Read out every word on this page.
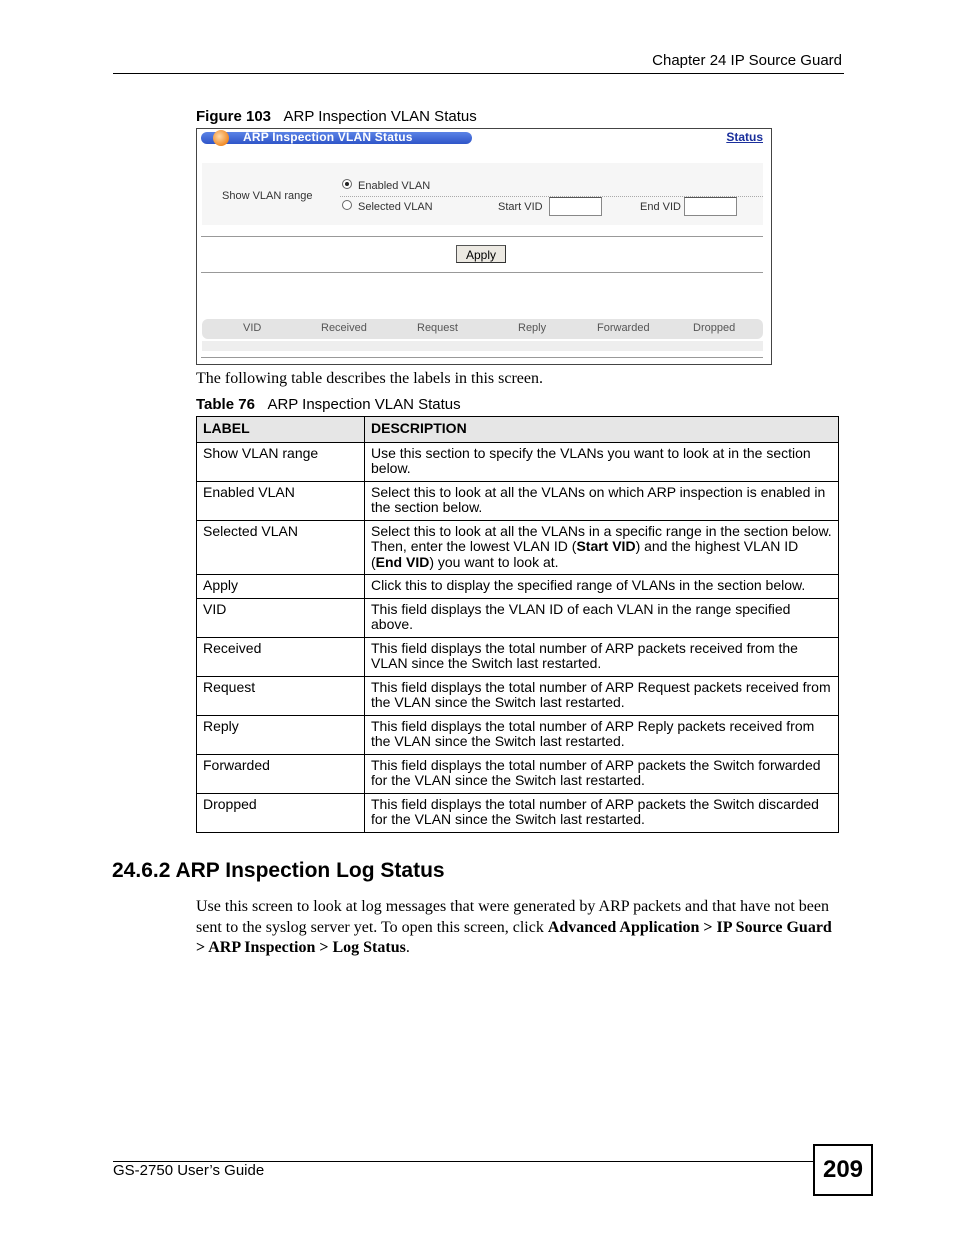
Chapter 24 IP Source Guard
Figure 103 ARP Inspection VLAN Status
ARP Inspection VLAN Status	Status
Show VLAN range
Enabled VLAN
Selected VLAN	Start VID	End VID
Apply
VID	Received	Request	Reply	Forwarded	Dropped
The following table describes the labels in this screen.
Table 76 ARP Inspection VLAN Status
LABEL	DESCRIPTION
Show VLAN range	Use this section to specify the VLANs you want to look at in the section below.
Enabled VLAN	Select this to look at all the VLANs on which ARP inspection is enabled in the section below.
Selected VLAN	Select this to look at all the VLANs in a specific range in the section below. Then, enter the lowest VLAN ID (Start VID) and the highest VLAN ID (End VID) you want to look at.
Apply	Click this to display the specified range of VLANs in the section below.
VID	This field displays the VLAN ID of each VLAN in the range specified above.
Received	This field displays the total number of ARP packets received from the VLAN since the Switch last restarted.
Request	This field displays the total number of ARP Request packets received from the VLAN since the Switch last restarted.
Reply	This field displays the total number of ARP Reply packets received from the VLAN since the Switch last restarted.
Forwarded	This field displays the total number of ARP packets the Switch forwarded for the VLAN since the Switch last restarted.
Dropped	This field displays the total number of ARP packets the Switch discarded for the VLAN since the Switch last restarted.
24.6.2 ARP Inspection Log Status
Use this screen to look at log messages that were generated by ARP packets and that have not been sent to the syslog server yet. To open this screen, click Advanced Application > IP Source Guard > ARP Inspection > Log Status.
GS-2750 User’s Guide	209
